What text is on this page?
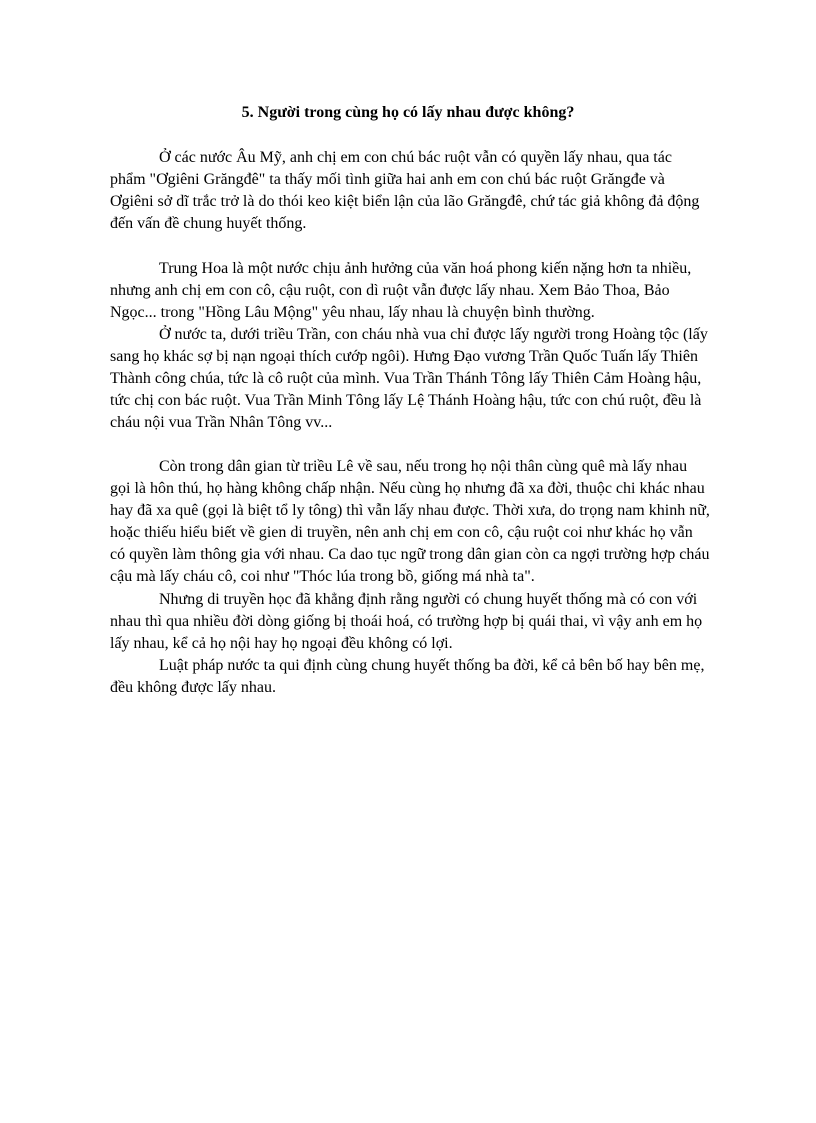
5. Người trong cùng họ có lấy nhau được không?

Ở các nước Âu Mỹ, anh chị em con chú bác ruột vẫn có quyền lấy nhau, qua tác phẩm "Ơgiêni Grăngđê" ta thấy mối tình giữa hai anh em con chú bác ruột Grăngđe và Ơgiêni sở dĩ trắc trở là do thói keo kiệt biển lận của lão Grăngđê, chứ tác giả không đả động đến vấn đề chung huyết thống.

Trung Hoa là một nước chịu ảnh hưởng của văn hoá phong kiến nặng hơn ta nhiều, nhưng anh chị em con cô, cậu ruột, con dì ruột vẫn được lấy nhau. Xem Bảo Thoa, Bảo Ngọc... trong "Hồng Lâu Mộng" yêu nhau, lấy nhau là chuyện bình thường.

Ở nước ta, dưới triều Trần, con cháu nhà vua chỉ được lấy người trong Hoàng tộc (lấy sang họ khác sợ bị nạn ngoại thích cướp ngôi). Hưng Đạo vương Trần Quốc Tuấn lấy Thiên Thành công chúa, tức là cô ruột của mình. Vua Trần Thánh Tông lấy Thiên Cảm Hoàng hậu, tức chị con bác ruột. Vua Trần Minh Tông lấy Lệ Thánh Hoàng hậu, tức con chú ruột, đều là cháu nội vua Trần Nhân Tông vv...

Còn trong dân gian từ triều Lê về sau, nếu trong họ nội thân cùng quê mà lấy nhau gọi là hôn thú, họ hàng không chấp nhận. Nếu cùng họ nhưng đã xa đời, thuộc chi khác nhau hay đã xa quê (gọi là biệt tổ ly tông) thì vẫn lấy nhau được. Thời xưa, do trọng nam khinh nữ, hoặc thiếu hiểu biết về gien di truyền, nên anh chị em con cô, cậu ruột coi như khác họ vẫn có quyền làm thông gia với nhau. Ca dao tục ngữ trong dân gian còn ca ngợi trường hợp cháu cậu mà lấy cháu cô, coi như "Thóc lúa trong bồ, giống má nhà ta".

Nhưng di truyền học đã khẳng định rằng người có chung huyết thống mà có con với nhau thì qua nhiều đời dòng giống bị thoái hoá, có trường hợp bị quái thai, vì vậy anh em họ lấy nhau, kể cả họ nội hay họ ngoại đều không có lợi.

Luật pháp nước ta qui định cùng chung huyết thống ba đời, kể cả bên bố hay bên mẹ, đều không được lấy nhau.
